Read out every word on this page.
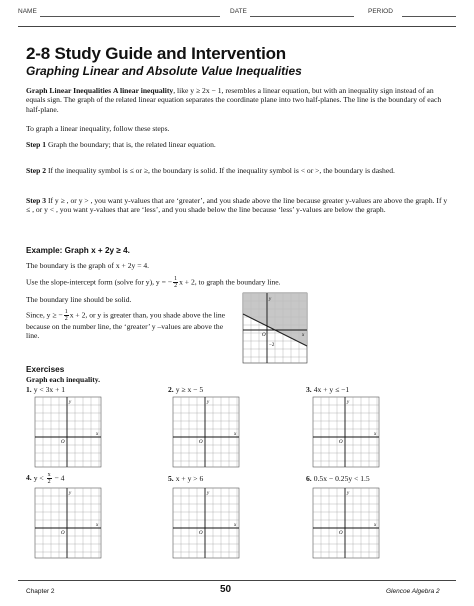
NAME	DATE	PERIOD
2-8 Study Guide and Intervention
Graphing Linear and Absolute Value Inequalities
Graph Linear Inequalities A linear inequality, like y ≥ 2x − 1, resembles a linear equation, but with an inequality sign instead of an equals sign. The graph of the related linear equation separates the coordinate plane into two half-planes. The line is the boundary of each half-plane.
To graph a linear inequality, follow these steps.
Step 1 Graph the boundary; that is, the related linear equation.
Step 2 If the inequality symbol is ≤ or ≥, the boundary is solid. If the inequality symbol is < or >, the boundary is dashed.
Step 3 If y ≥ , or y > , you want y-values that are ‘greater’, and you shade above the line because greater y-values are above the graph. If y ≤ , or y < , you want y-values that are ‘less’, and you shade below the line because ‘less’ y-values are below the graph.
Example: Graph x + 2y ≥ 4.
The boundary is the graph of x + 2y = 4.
Use the slope-intercept form (solve for y), y = − $\frac{1}{2}$ x + 2, to graph the boundary line.
The boundary line should be solid.
Since, y ≥ − $\frac{1}{2}$ x + 2, or y is greater than, you shade above the line because on the number line, the ‘greater’ y –values are above the line.
y
x
O
−2
Exercises
Graph each inequality.
1. y < 3x + 1	2. y ≥ x − 5	3. 4x + y ≤ −1
4. $y < \frac{x}{2} - 4$	5. x + y > 6	6. 0.5x − 0.25y < 1.5
y
x
O
y
x
O
y
x
O
y
x
O
y
x
O
y
x
O
Chapter 2	50	Glencoe Algebra 2
